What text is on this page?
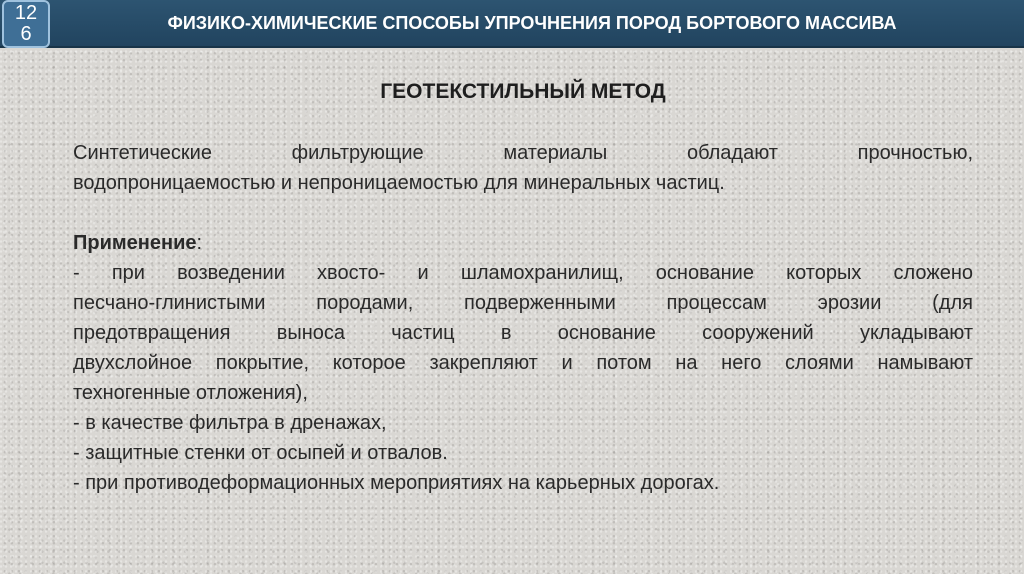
126	ФИЗИКО-ХИМИЧЕСКИЕ СПОСОБЫ УПРОЧНЕНИЯ ПОРОД БОРТОВОГО МАССИВА
ГЕОТЕКСТИЛЬНЫЙ МЕТОД

Синтетические фильтрующие материалы обладают прочностью,

водопроницаемостью и непроницаемостью для минеральных частиц.

Применение:

- при возведении хвосто- и шламохранилищ, основание которых сложено
песчано-глинистыми породами, подверженными процессам эрозии (для
предотвращения выноса частиц в основание сооружений укладывают
двухслойное покрытие, которое закрепляют и потом на него слоями намывают
техногенные отложения),

- в качестве фильтра в дренажах,

- защитные стенки от осыпей и отвалов.

- при противодеформационных мероприятиях на карьерных дорогах.
